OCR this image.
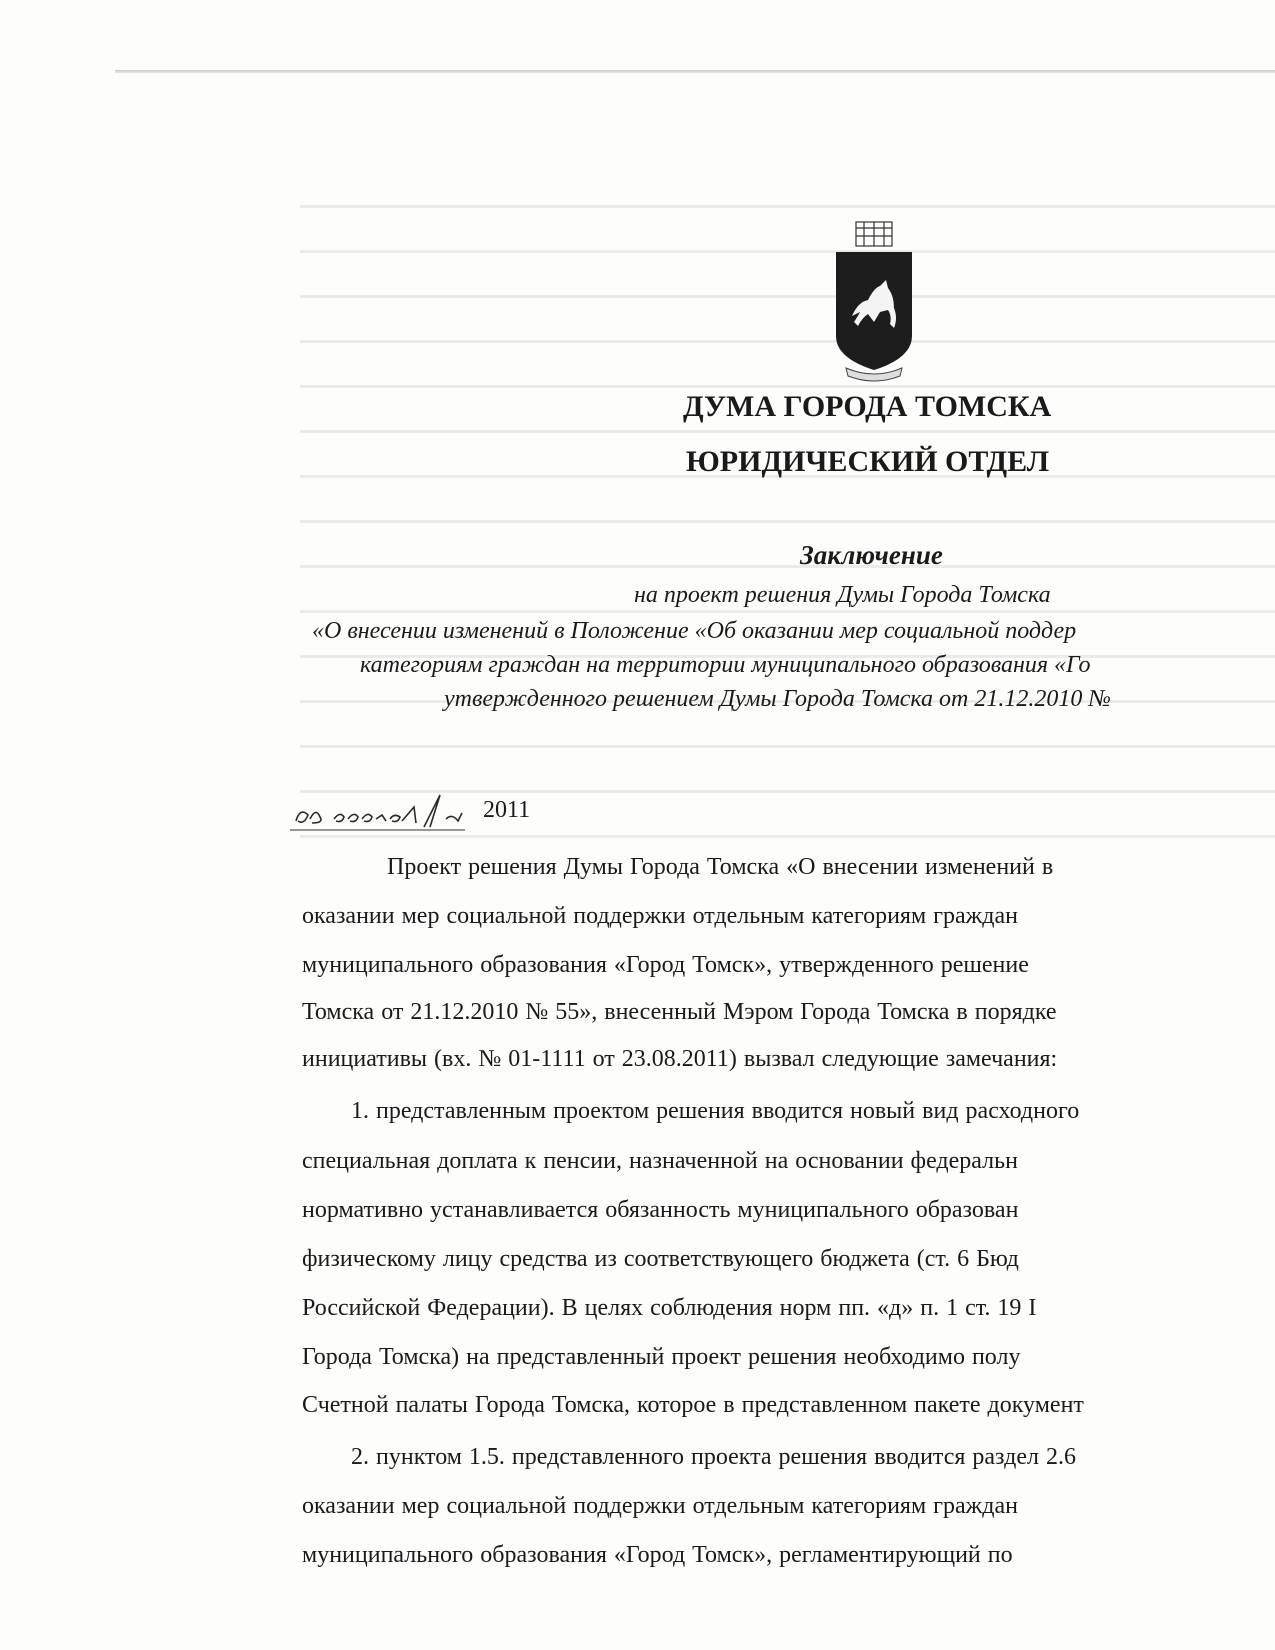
ДУМА ГОРОДА ТОМСКА
ЮРИДИЧЕСКИЙ ОТДЕЛ
Заключение
на проект решения Думы Города Томска
«О внесении изменений в Положение «Об оказании мер социальной поддер
категориям граждан на территории муниципального образования «Го
утвержденного решением Думы Города Томска от 21.12.2010 №
2011
Проект решения Думы Города Томска «О внесении изменений в
оказании мер социальной поддержки отдельным категориям граждан
муниципального образования «Город Томск», утвержденного решение
Томска от 21.12.2010 № 55», внесенный Мэром Города Томска в порядке
инициативы (вх. № 01-1111 от 23.08.2011) вызвал следующие замечания:
1. представленным проектом решения вводится новый вид расходного
специальная доплата к пенсии, назначенной на основании федеральн
нормативно устанавливается обязанность муниципального образован
физическому лицу средства из соответствующего бюджета (ст. 6 Бюд
Российской Федерации). В целях соблюдения норм пп. «д» п. 1 ст. 19 I
Города Томска) на представленный проект решения необходимо полу
Счетной палаты Города Томска, которое в представленном пакете документ
2. пунктом 1.5. представленного проекта решения вводится раздел 2.6
оказании мер социальной поддержки отдельным категориям граждан
муниципального образования «Город Томск», регламентирующий по
